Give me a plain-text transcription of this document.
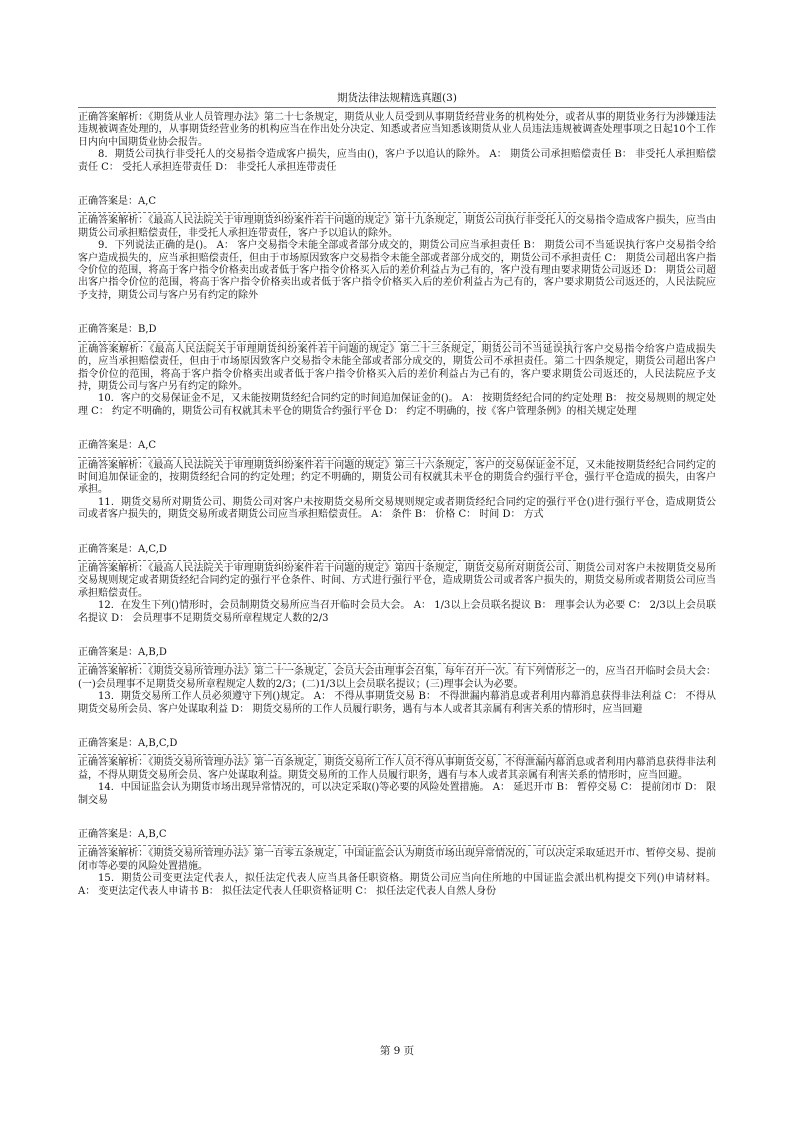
期货法律法规精选真题(3)

正确答案解析：《期货从业人员管理办法》第二十七条规定，期货从业人员受到从事期货经营业务的机构处分，或者从事的期货业务行为涉嫌违法违规被调查处理的，从事期货经营业务的机构应当在作出处分决定、知悉或者应当知悉该期货从业人员违法违规被调查处理事项之日起10个工作日内向中国期货业协会报告。

8．期货公司执行非受托人的交易指令造成客户损失，应当由()，客户予以追认的除外。 A： 期货公司承担赔偿责任 B： 非受托人承担赔偿责任 C： 受托人承担连带责任 D： 非受托人承担连带责任

正确答案是：A,C

正确答案解析：《最高人民法院关于审理期货纠纷案件若干问题的规定》第十九条规定，期货公司执行非受托人的交易指令造成客户损失，应当由期货公司承担赔偿责任，非受托人承担连带责任，客户予以追认的除外。

9．下列说法正确的是()。 A： 客户交易指令未能全部或者部分成交的，期货公司应当承担责任 B： 期货公司不当延误执行客户交易指令给客户造成损失的，应当承担赔偿责任，但由于市场原因致客户交易指令未能全部或者部分成交的，期货公司不承担责任 C： 期货公司超出客户指令价位的范围，将高于客户指令价格卖出或者低于客户指令价格买入后的差价利益占为己有的，客户没有理由要求期货公司返还 D： 期货公司超出客户指令价位的范围，将高于客户指令价格卖出或者低于客户指令价格买入后的差价利益占为己有的，客户要求期货公司返还的，人民法院应予支持，期货公司与客户另有约定的除外

正确答案是：B,D

正确答案解析：《最高人民法院关于审理期货纠纷案件若干问题的规定》第二十三条规定，期货公司不当延误执行客户交易指令给客户造成损失的，应当承担赔偿责任，但由于市场原因致客户交易指令未能全部或者部分成交的，期货公司不承担责任。第二十四条规定，期货公司超出客户指令价位的范围，将高于客户指令价格卖出或者低于客户指令价格买入后的差价利益占为己有的，客户要求期货公司返还的，人民法院应予支持，期货公司与客户另有约定的除外。

10．客户的交易保证金不足，又未能按期货经纪合同约定的时间追加保证金的()。 A： 按期货经纪合同的约定处理 B： 按交易规则的规定处理 C： 约定不明确的，期货公司有权就其未平仓的期货合约强行平仓 D： 约定不明确的，按《客户管理条例》的相关规定处理

正确答案是：A,C

正确答案解析：《最高人民法院关于审理期货纠纷案件若干问题的规定》第三十六条规定，客户的交易保证金不足，又未能按期货经纪合同约定的时间追加保证金的，按期货经纪合同的约定处理；约定不明确的，期货公司有权就其未平仓的期货合约强行平仓，强行平仓造成的损失，由客户承担。

11．期货交易所对期货公司、期货公司对客户未按期货交易所交易规则规定或者期货经纪合同约定的强行平仓()进行强行平仓，造成期货公司或者客户损失的，期货交易所或者期货公司应当承担赔偿责任。 A： 条件 B： 价格 C： 时间 D： 方式

正确答案是：A,C,D

正确答案解析：《最高人民法院关于审理期货纠纷案件若干问题的规定》第四十条规定，期货交易所对期货公司、期货公司对客户未按期货交易所交易规则规定或者期货经纪合同约定的强行平仓条件、时间、方式进行强行平仓，造成期货公司或者客户损失的，期货交易所或者期货公司应当承担赔偿责任。

12．在发生下列()情形时，会员制期货交易所应当召开临时会员大会。 A： 1/3以上会员联名提议 B： 理事会认为必要 C： 2/3以上会员联名提议 D： 会员理事不足期货交易所章程规定人数的2/3

正确答案是：A,B,D

正确答案解析：《期货交易所管理办法》第二十一条规定，会员大会由理事会召集，每年召开一次。有下列情形之一的，应当召开临时会员大会：(一)会员理事不足期货交易所章程规定人数的2/3；(二)1/3以上会员联名提议；(三)理事会认为必要。

13．期货交易所工作人员必须遵守下列()规定。 A： 不得从事期货交易 B： 不得泄漏内幕消息或者利用内幕消息获得非法利益 C： 不得从期货交易所会员、客户处谋取利益 D： 期货交易所的工作人员履行职务，遇有与本人或者其亲属有利害关系的情形时，应当回避

正确答案是：A,B,C,D

正确答案解析：《期货交易所管理办法》第一百条规定，期货交易所工作人员不得从事期货交易，不得泄漏内幕消息或者利用内幕消息获得非法利益，不得从期货交易所会员、客户处谋取利益。期货交易所的工作人员履行职务，遇有与本人或者其亲属有利害关系的情形时，应当回避。

14．中国证监会认为期货市场出现异常情况的，可以决定采取()等必要的风险处置措施。 A： 延迟开市 B： 暂停交易 C： 提前闭市 D： 限制交易

正确答案是：A,B,C

正确答案解析：《期货交易所管理办法》第一百零五条规定，中国证监会认为期货市场出现异常情况的，可以决定采取延迟开市、暂停交易、提前闭市等必要的风险处置措施。

15．期货公司变更法定代表人，拟任法定代表人应当具备任职资格。期货公司应当向住所地的中国证监会派出机构提交下列()申请材料。 A： 变更法定代表人申请书 B： 拟任法定代表人任职资格证明 C： 拟任法定代表人自然人身份

第 9 页
